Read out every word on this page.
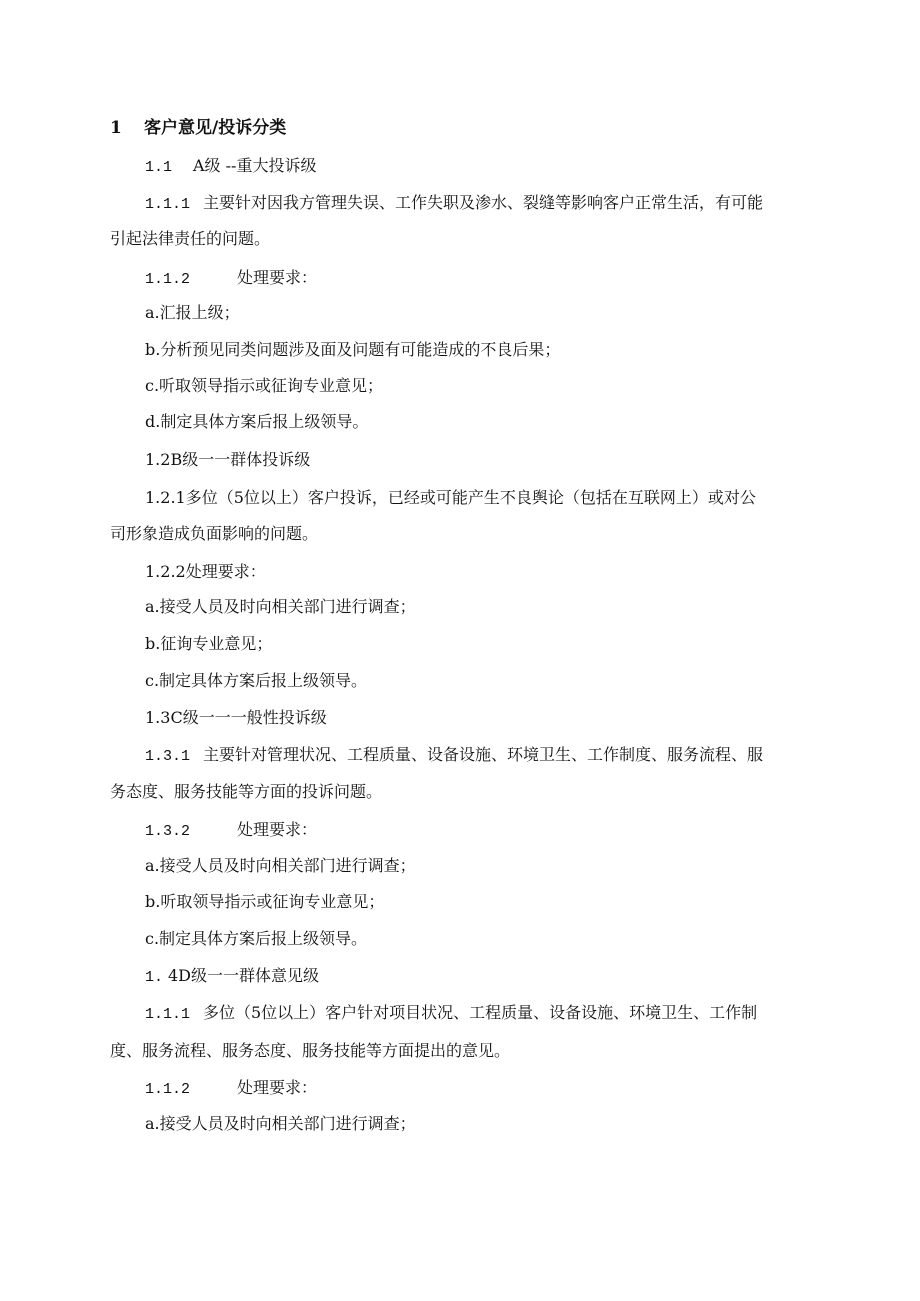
1 客户意见/投诉分类
1.1 A级 --重大投诉级
1.1.1 主要针对因我方管理失误、工作失职及渗水、裂缝等影响客户正常生活，有可能
引起法律责任的问题。
1.1.2	处理要求：
a.汇报上级；
b.分析预见同类问题涉及面及问题有可能造成的不良后果；
c.听取领导指示或征询专业意见；
d.制定具体方案后报上级领导。
1.2B级一一群体投诉级
1.2.1多位（5位以上）客户投诉，已经或可能产生不良舆论（包括在互联网上）或对公
司形象造成负面影响的问题。
1.2.2处理要求：
a.接受人员及时向相关部门进行调查；
b.征询专业意见；
c.制定具体方案后报上级领导。
1.3C级一一一般性投诉级
1.3.1 主要针对管理状况、工程质量、设备设施、环境卫生、工作制度、服务流程、服
务态度、服务技能等方面的投诉问题。
1.3.2	处理要求：
a.接受人员及时向相关部门进行调查；
b.听取领导指示或征询专业意见；
c.制定具体方案后报上级领导。
1. 4D级一一群体意见级
1.1.1 多位（5位以上）客户针对项目状况、工程质量、设备设施、环境卫生、工作制
度、服务流程、服务态度、服务技能等方面提出的意见。
1.1.2	处理要求：
a.接受人员及时向相关部门进行调查；
